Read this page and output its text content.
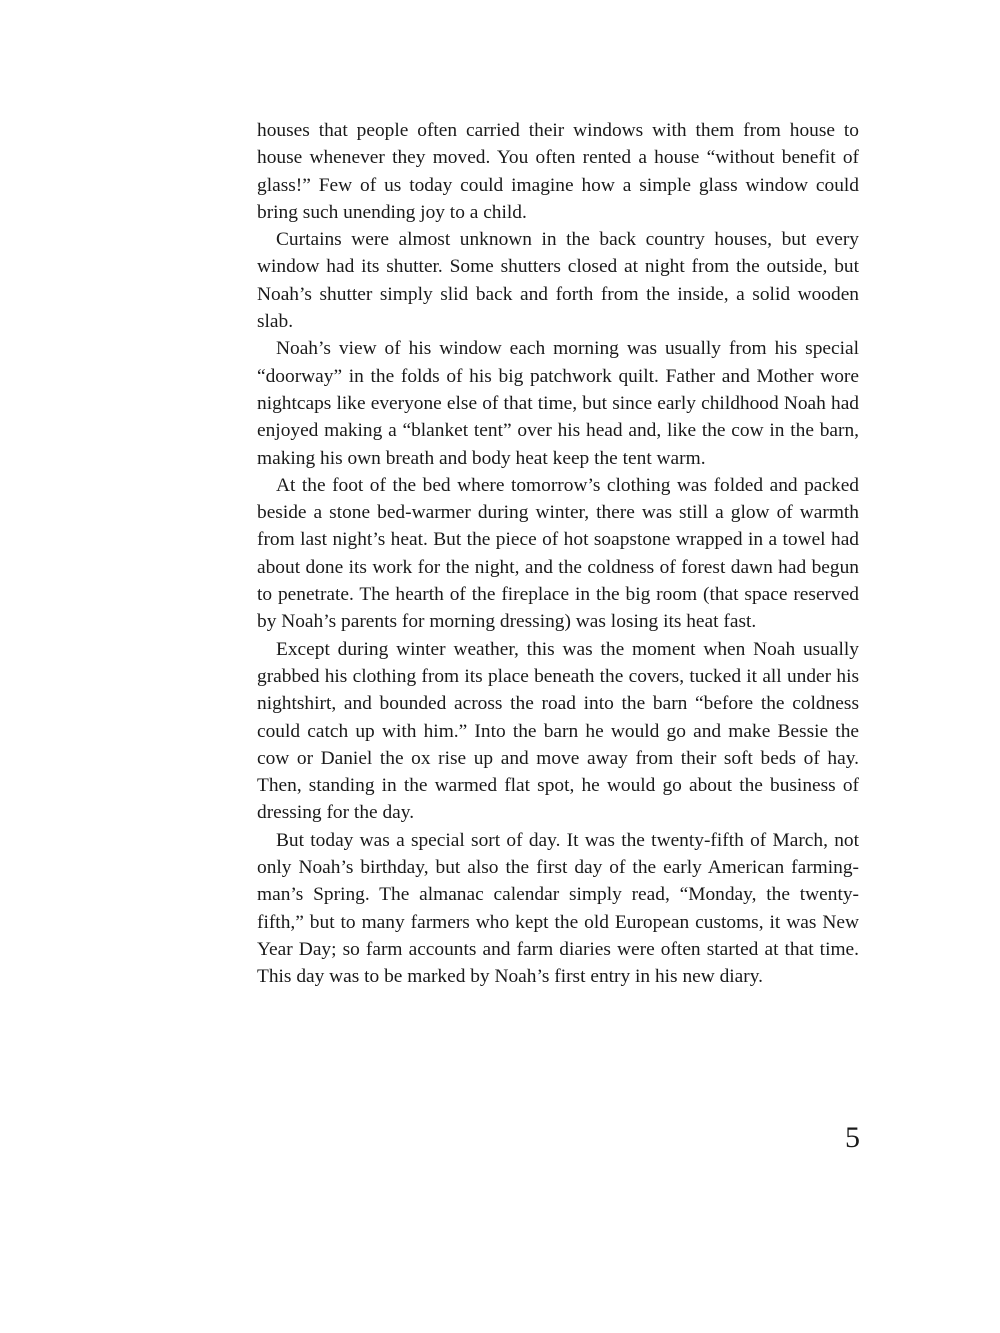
houses that people often carried their windows with them from house to house whenever they moved. You often rented a house “without benefit of glass!” Few of us today could imagine how a simple glass window could bring such unending joy to a child.

Curtains were almost unknown in the back country houses, but every window had its shutter. Some shutters closed at night from the outside, but Noah’s shutter simply slid back and forth from the inside, a solid wooden slab.

Noah’s view of his window each morning was usually from his special “doorway” in the folds of his big patchwork quilt. Father and Mother wore nightcaps like everyone else of that time, but since early childhood Noah had enjoyed making a “blanket tent” over his head and, like the cow in the barn, making his own breath and body heat keep the tent warm.

At the foot of the bed where tomorrow’s clothing was folded and packed beside a stone bed-warmer during winter, there was still a glow of warmth from last night’s heat. But the piece of hot soapstone wrapped in a towel had about done its work for the night, and the coldness of forest dawn had begun to penetrate. The hearth of the fireplace in the big room (that space reserved by Noah’s parents for morning dressing) was losing its heat fast.

Except during winter weather, this was the moment when Noah usually grabbed his clothing from its place beneath the covers, tucked it all under his nightshirt, and bounded across the road into the barn “before the coldness could catch up with him.” Into the barn he would go and make Bessie the cow or Daniel the ox rise up and move away from their soft beds of hay. Then, standing in the warmed flat spot, he would go about the business of dressing for the day.

But today was a special sort of day. It was the twenty-fifth of March, not only Noah’s birthday, but also the first day of the early American farming-man’s Spring. The almanac calendar simply read, “Monday, the twenty-fifth,” but to many farmers who kept the old European customs, it was New Year Day; so farm accounts and farm diaries were often started at that time. This day was to be marked by Noah’s first entry in his new diary.

5
